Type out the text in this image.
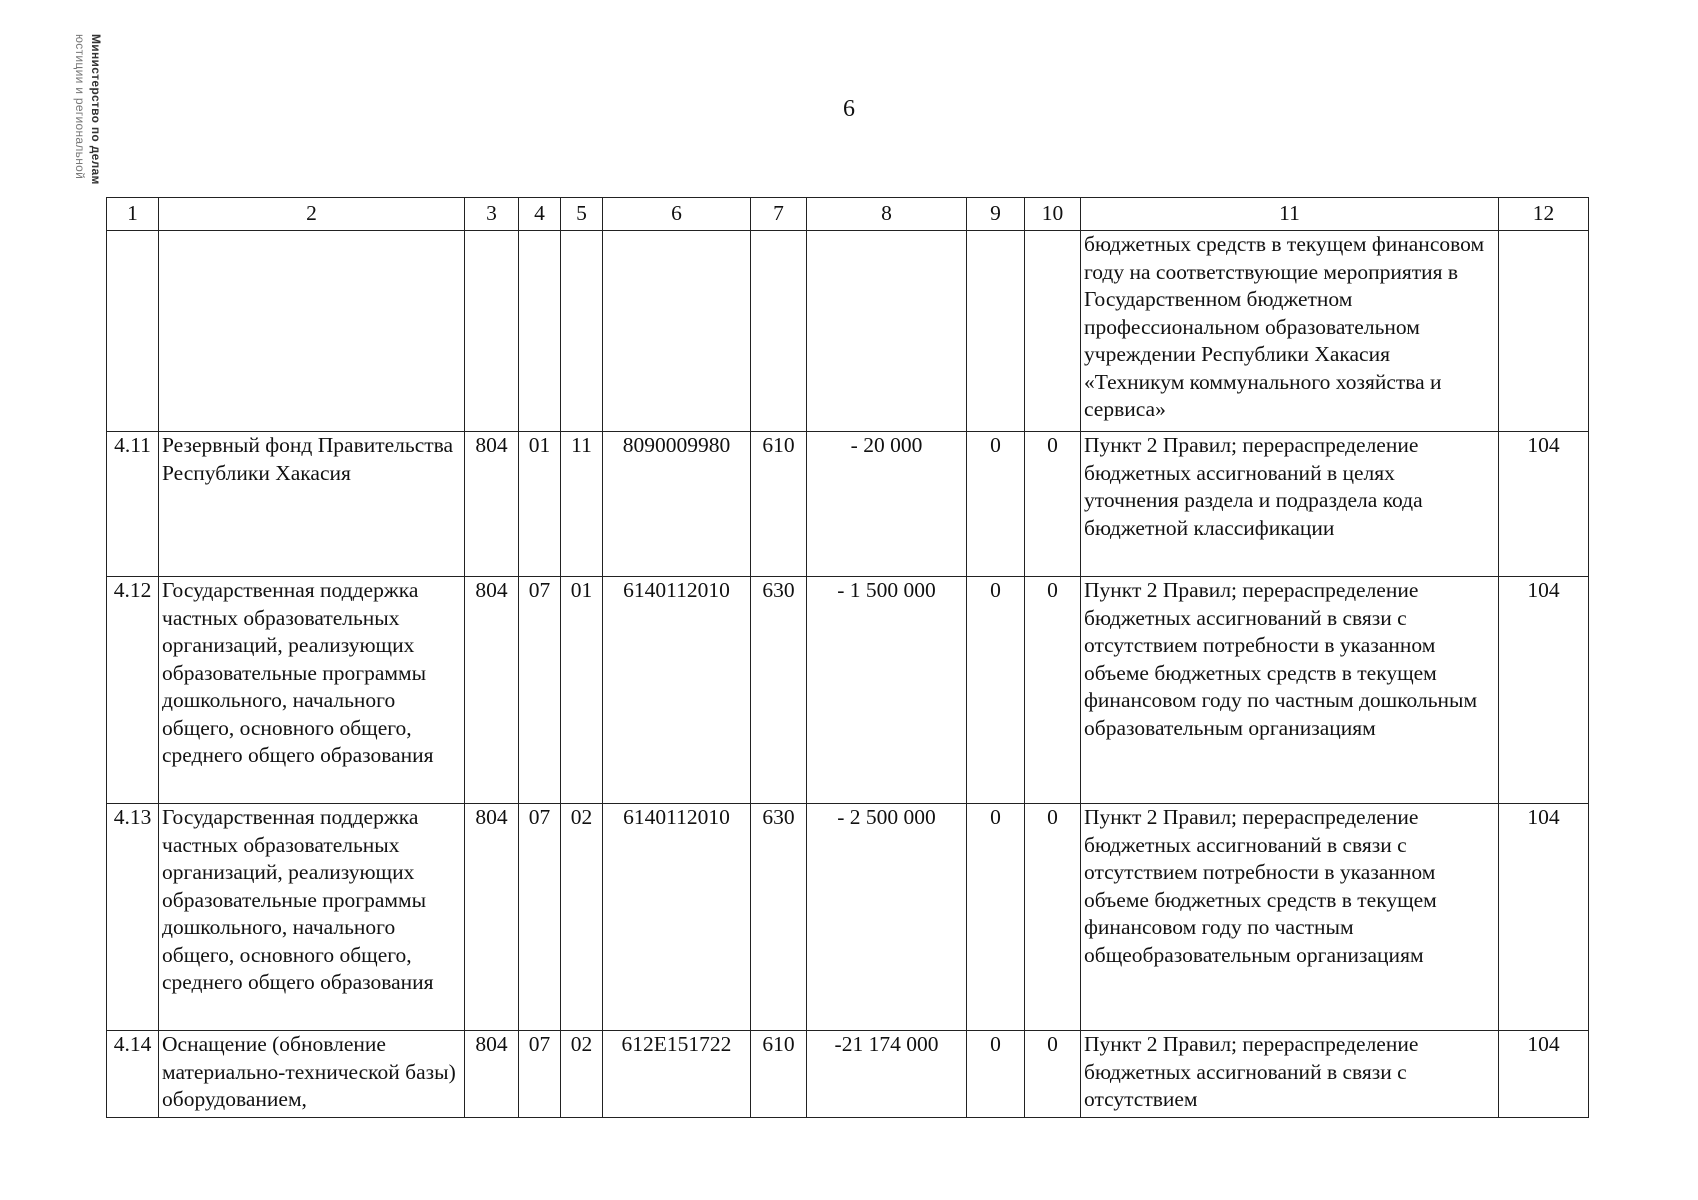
6
Министерство по делам
юстиции и региональной
1	2	3	4	5	6	7	8	9	10	11	12
										бюджетных средств в текущем финансовом году на соответствующие мероприятия в Государственном бюджетном профессиональном образовательном учреждении Республики Хакасия «Техникум коммунального хозяйства и сервиса»	
4.11	Резервный фонд Правительства Республики Хакасия	804	01	11	8090009980	610	- 20 000	0	0	Пункт 2 Правил; перераспределение бюджетных ассигнований в целях уточнения раздела и подраздела кода бюджетной классификации	104
4.12	Государственная поддержка частных образовательных организаций, реализующих образовательные программы дошкольного, начального общего, основного общего, среднего общего образования	804	07	01	6140112010	630	- 1 500 000	0	0	Пункт 2 Правил; перераспределение бюджетных ассигнований в связи с отсутствием потребности в указанном объеме бюджетных средств в текущем финансовом году по частным дошкольным образовательным организациям	104
4.13	Государственная поддержка частных образовательных организаций, реализующих образовательные программы дошкольного, начального общего, основного общего, среднего общего образования	804	07	02	6140112010	630	- 2 500 000	0	0	Пункт 2 Правил; перераспределение бюджетных ассигнований в связи с отсутствием потребности в указанном объеме бюджетных средств в текущем финансовом году по частным общеобразовательным организациям	104
4.14	Оснащение (обновление материально-технической базы) оборудованием,	804	07	02	612E151722	610	-21 174 000	0	0	Пункт 2 Правил; перераспределение бюджетных ассигнований в связи с отсутствием	104
